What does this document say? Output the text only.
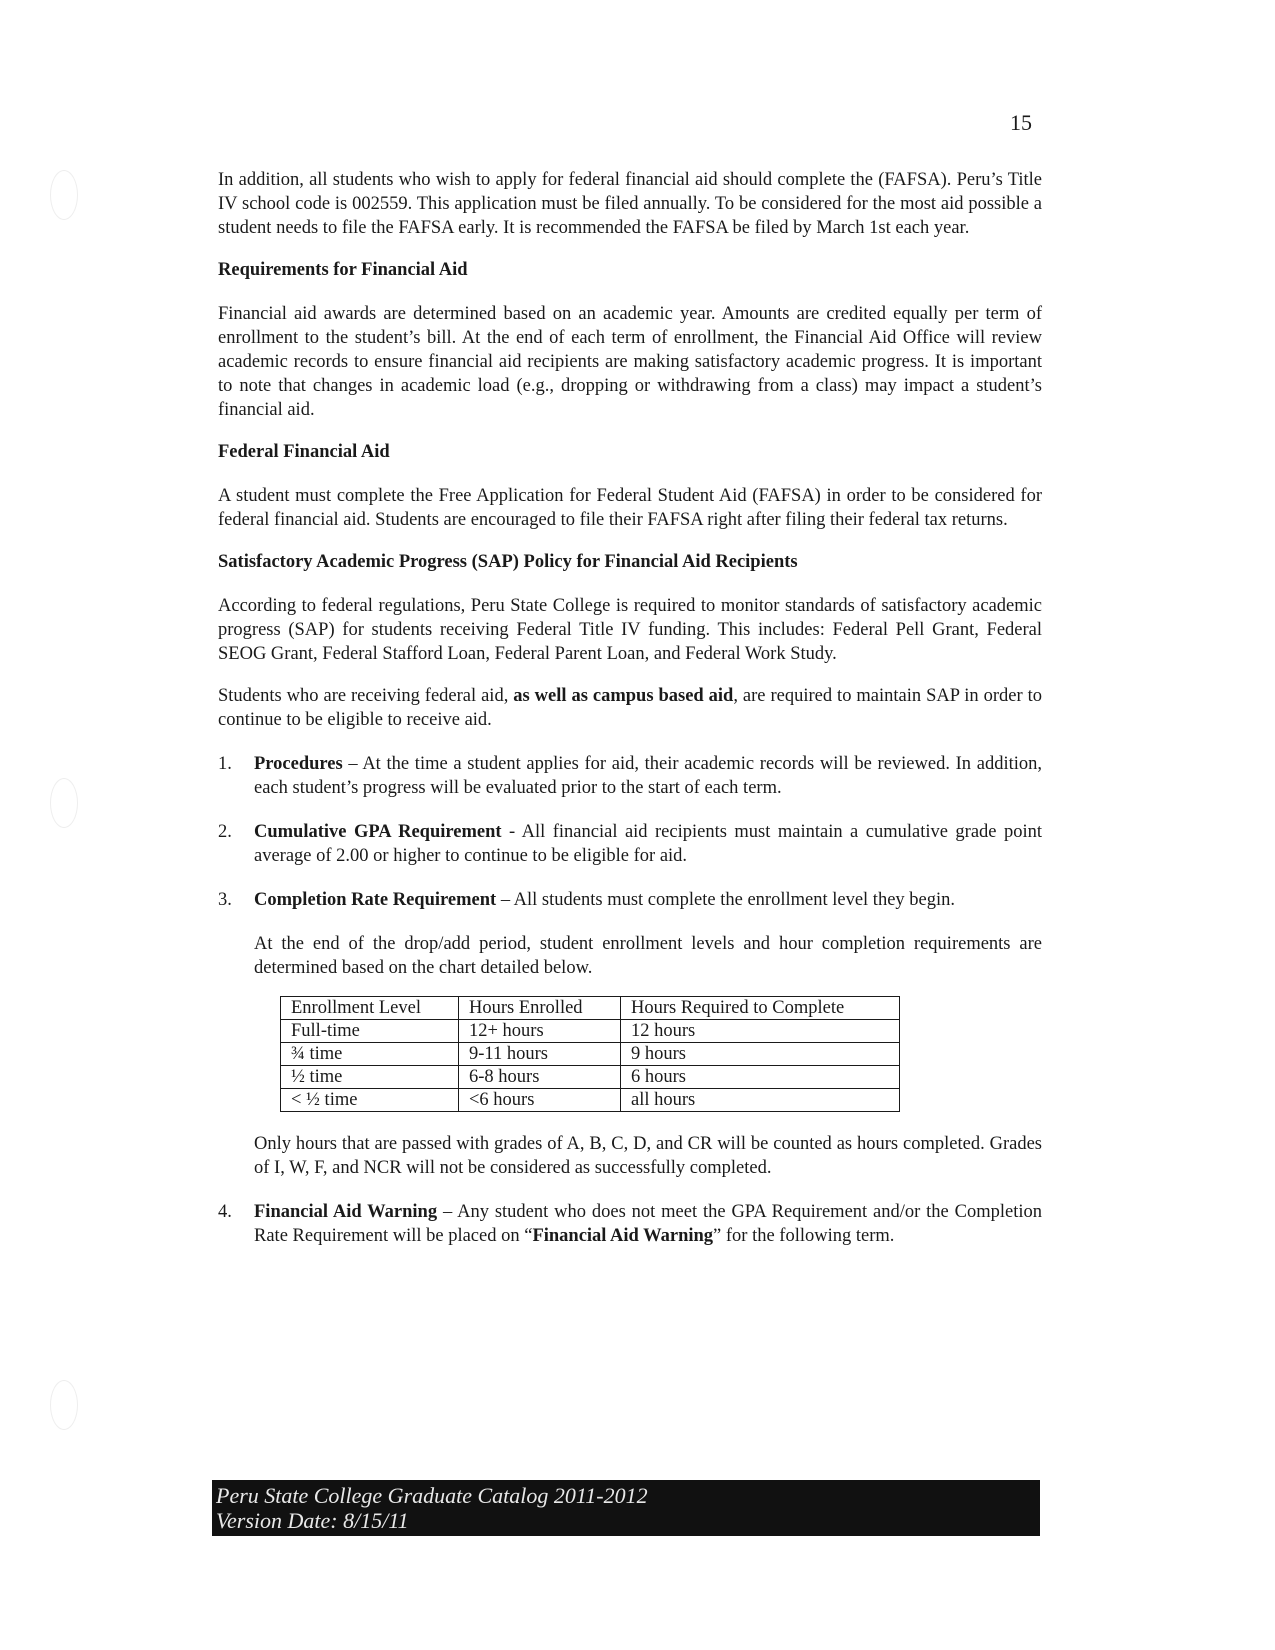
15

In addition, all students who wish to apply for federal financial aid should complete the (FAFSA). Peru’s Title IV school code is 002559. This application must be filed annually. To be considered for the most aid possible a student needs to file the FAFSA early. It is recommended the FAFSA be filed by March 1st each year.

Requirements for Financial Aid

Financial aid awards are determined based on an academic year. Amounts are credited equally per term of enrollment to the student’s bill. At the end of each term of enrollment, the Financial Aid Office will review academic records to ensure financial aid recipients are making satisfactory academic progress. It is important to note that changes in academic load (e.g., dropping or withdrawing from a class) may impact a student’s financial aid.

Federal Financial Aid

A student must complete the Free Application for Federal Student Aid (FAFSA) in order to be considered for federal financial aid. Students are encouraged to file their FAFSA right after filing their federal tax returns.

Satisfactory Academic Progress (SAP) Policy for Financial Aid Recipients

According to federal regulations, Peru State College is required to monitor standards of satisfactory academic progress (SAP) for students receiving Federal Title IV funding. This includes: Federal Pell Grant, Federal SEOG Grant, Federal Stafford Loan, Federal Parent Loan, and Federal Work Study.

Students who are receiving federal aid, as well as campus based aid, are required to maintain SAP in order to continue to be eligible to receive aid.

1. Procedures – At the time a student applies for aid, their academic records will be reviewed. In addition, each student’s progress will be evaluated prior to the start of each term.

2. Cumulative GPA Requirement - All financial aid recipients must maintain a cumulative grade point average of 2.00 or higher to continue to be eligible for aid.

3. Completion Rate Requirement – All students must complete the enrollment level they begin.

At the end of the drop/add period, student enrollment levels and hour completion requirements are determined based on the chart detailed below.

Enrollment Level	Hours Enrolled	Hours Required to Complete
Full-time	12+ hours	12 hours
¾ time	9-11 hours	9 hours
½ time	6-8 hours	6 hours
< ½ time	<6 hours	all hours

Only hours that are passed with grades of A, B, C, D, and CR will be counted as hours completed. Grades of I, W, F, and NCR will not be considered as successfully completed.

4. Financial Aid Warning – Any student who does not meet the GPA Requirement and/or the Completion Rate Requirement will be placed on “Financial Aid Warning” for the following term.

Peru State College Graduate Catalog 2011-2012
Version Date: 8/15/11
